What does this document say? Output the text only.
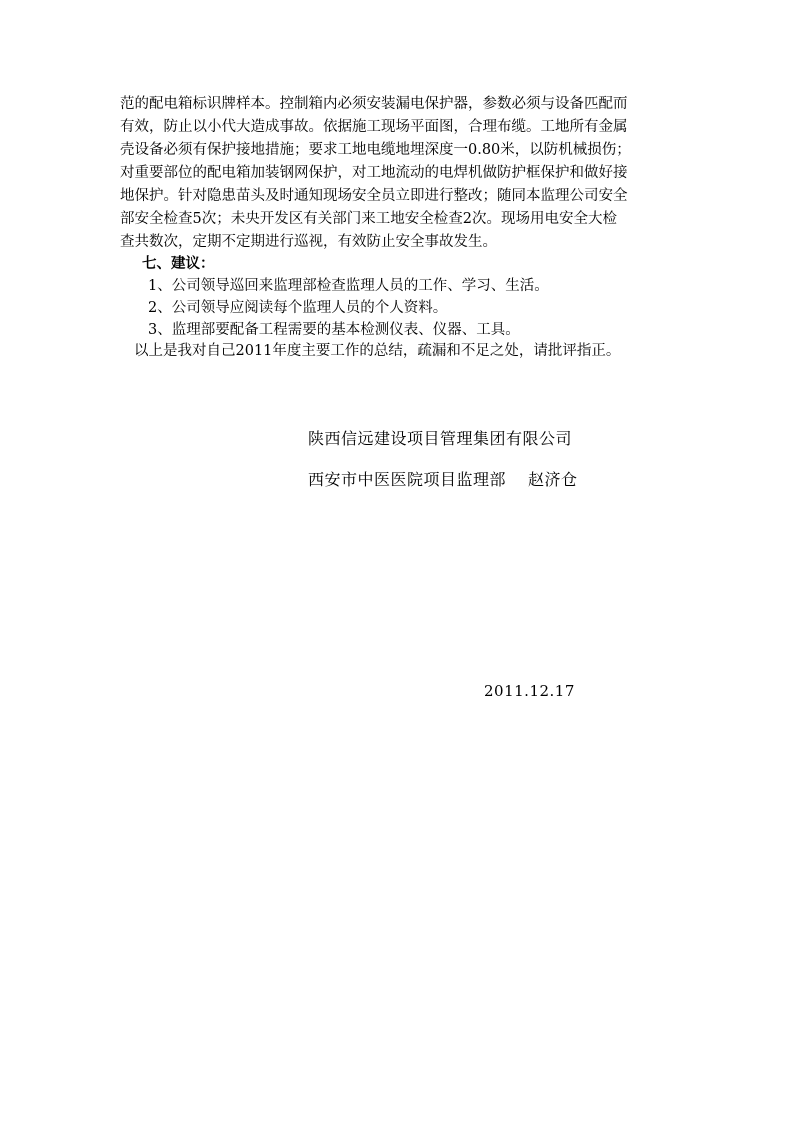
范的配电箱标识牌样本。控制箱内必须安装漏电保护器，参数必须与设备匹配而
有效，防止以小代大造成事故。依据施工现场平面图，合理布缆。工地所有金属
壳设备必须有保护接地措施；要求工地电缆地埋深度一0.80米，以防机械损伤；
对重要部位的配电箱加装钢网保护，对工地流动的电焊机做防护框保护和做好接
地保护。针对隐患苗头及时通知现场安全员立即进行整改；随同本监理公司安全
部安全检查5次；未央开发区有关部门来工地安全检查2次。现场用电安全大检
查共数次，定期不定期进行巡视，有效防止安全事故发生。
七、建议：
1、公司领导巡回来监理部检查监理人员的工作、学习、生活。
2、公司领导应阅读每个监理人员的个人资料。
3、监理部要配备工程需要的基本检测仪表、仪器、工具。
以上是我对自己2011年度主要工作的总结，疏漏和不足之处，请批评指正。
陕西信远建设项目管理集团有限公司
西安市中医医院项目监理部 赵济仓
2011.12.17
